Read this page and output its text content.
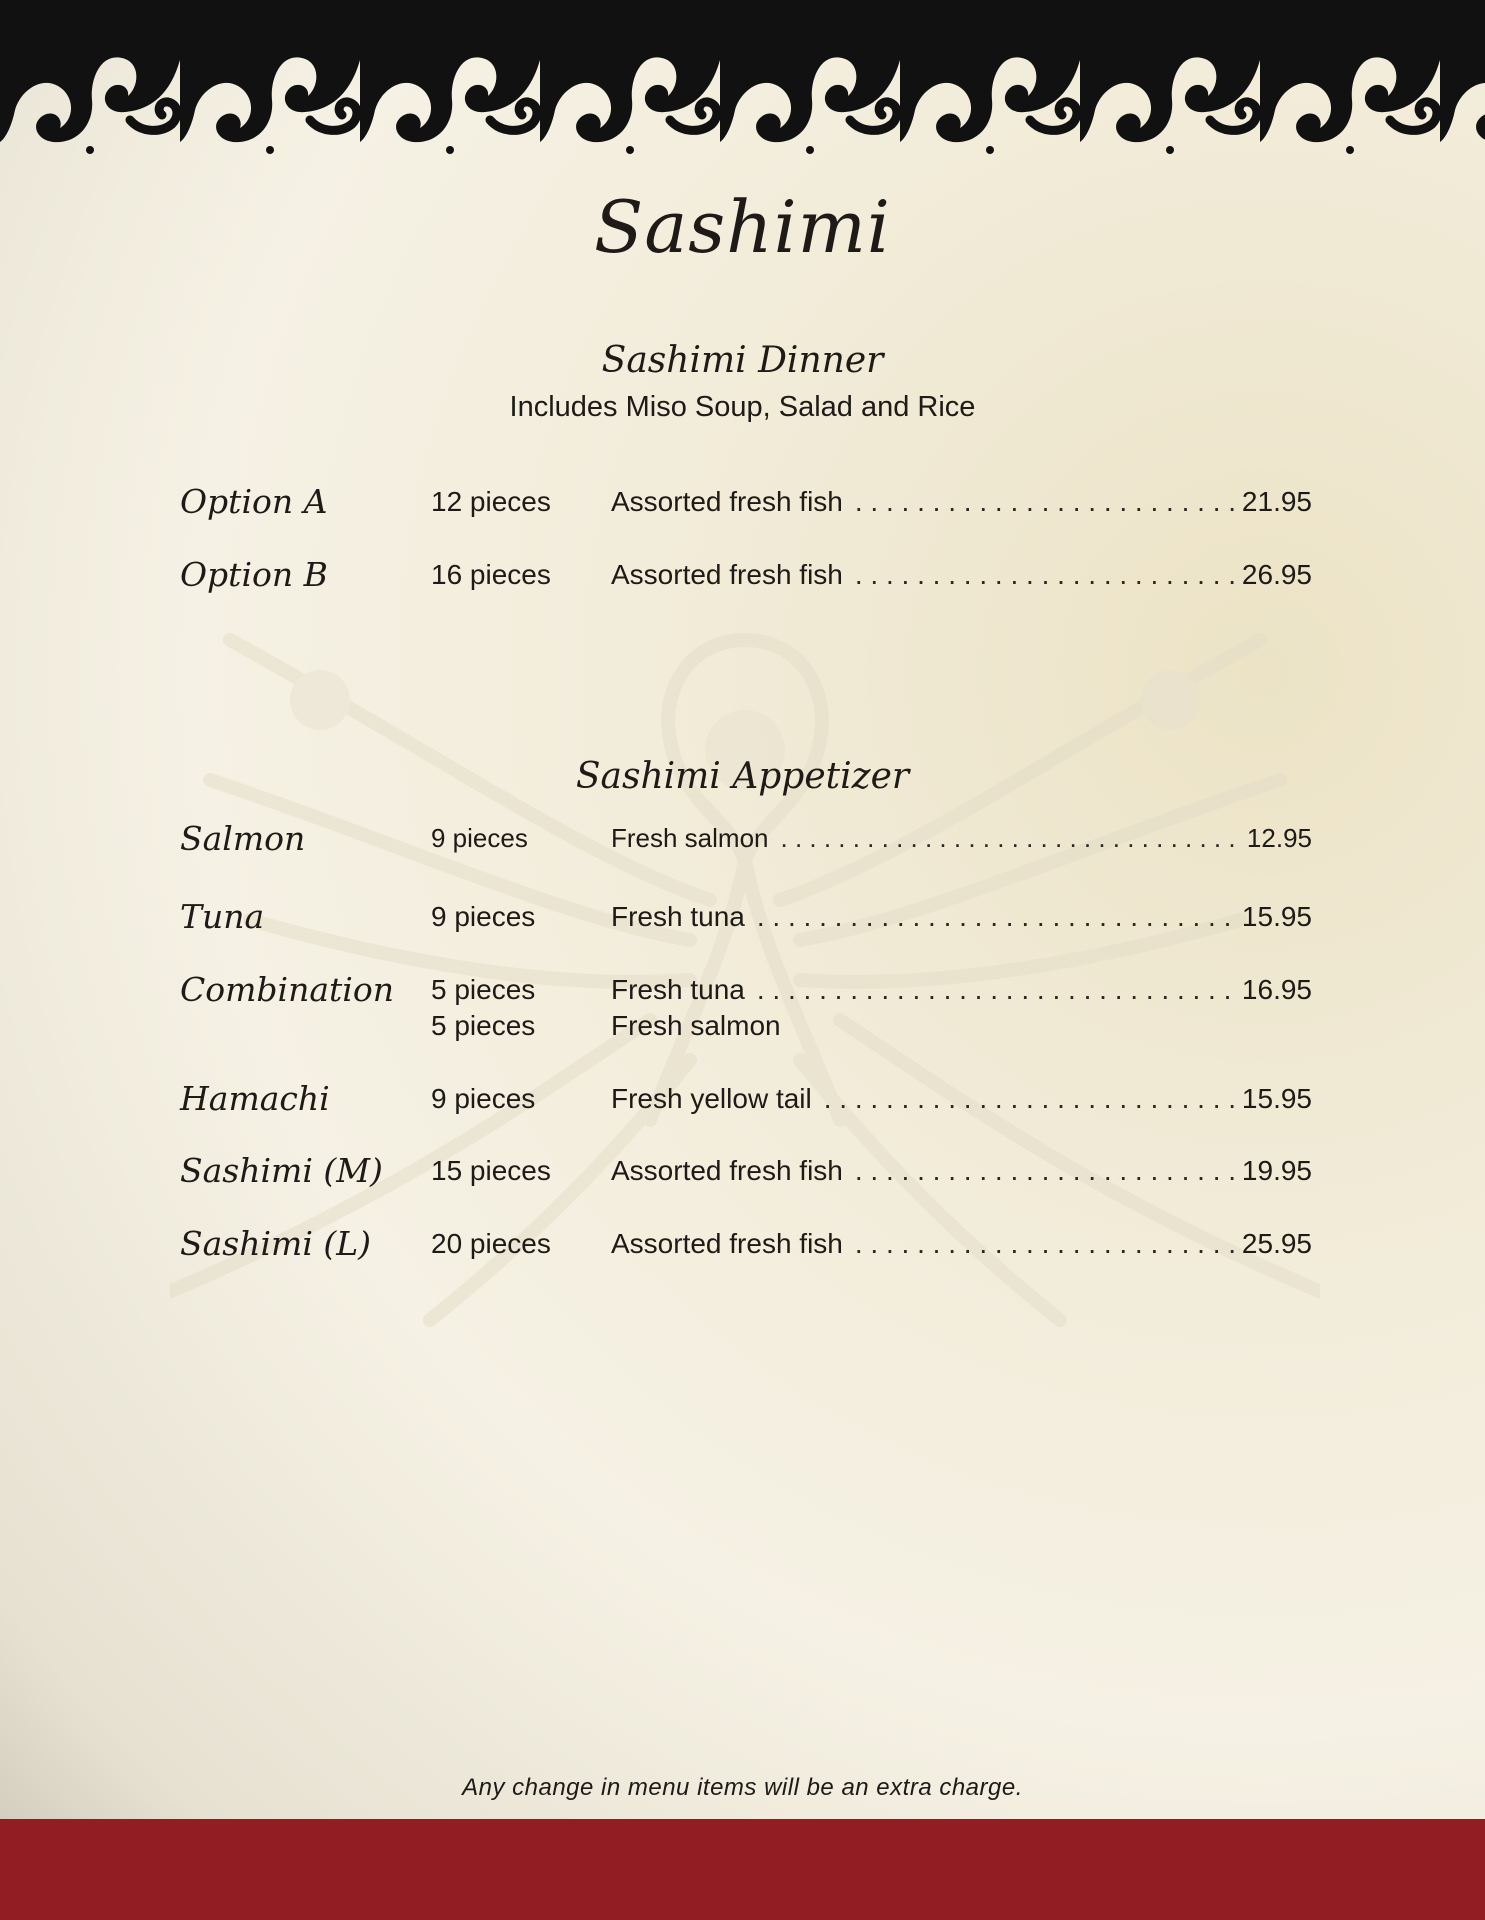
Sashimi
Sashimi Dinner
Includes Miso Soup, Salad and Rice
Option A	12 pieces Assorted fresh fish . . .	21.95
Option B	16 pieces Assorted fresh fish . . .	26.95
Sashimi Appetizer
Salmon	9 pieces	Fresh salmon . . .	12.95
Tuna	9 pieces	Fresh tuna . . .	15.95
Combination 5 pieces	Fresh tuna . . .	16.95
5 pieces	Fresh salmon
Hamachi	9 pieces	Fresh yellow tail . . .	15.95
Sashimi (M) 15 pieces Assorted fresh fish . . .	19.95
Sashimi (L) 20 pieces Assorted fresh fish . . .	25.95
Any change in menu items will be an extra charge.
